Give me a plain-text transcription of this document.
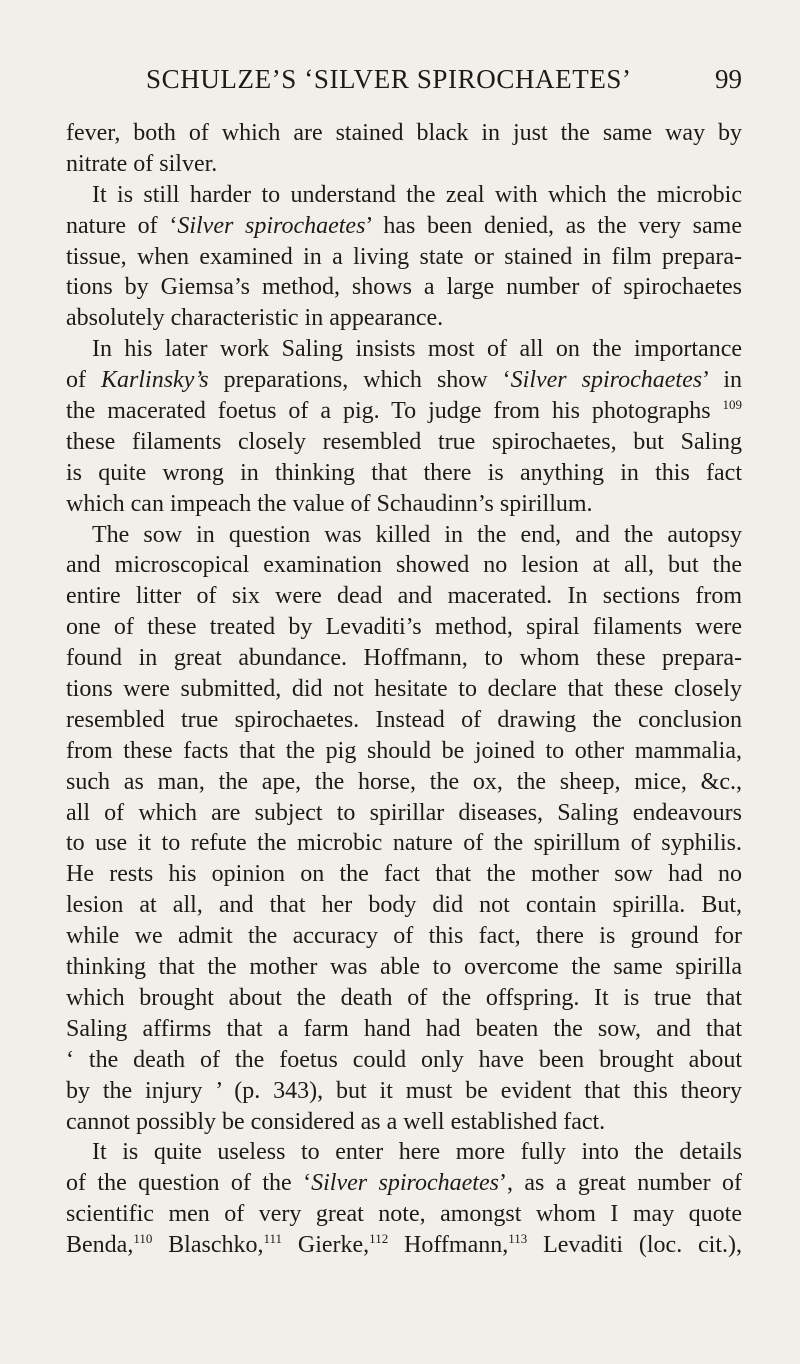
SCHULZE’S ‘SILVER SPIROCHAETES’	99
fever, both of which are stained black in just the same way by
nitrate of silver.
It is still harder to understand the zeal with which the microbic
nature of ‘Silver spirochaetes’ has been denied, as the very same
tissue, when examined in a living state or stained in film prepara-
tions by Giemsa’s method, shows a large number of spirochaetes
absolutely characteristic in appearance.
In his later work Saling insists most of all on the importance
of Karlinsky’s preparations, which show ‘Silver spirochaetes’ in
the macerated foetus of a pig. To judge from his photographs $^{109}$
these filaments closely resembled true spirochaetes, but Saling
is quite wrong in thinking that there is anything in this fact
which can impeach the value of Schaudinn’s spirillum.
The sow in question was killed in the end, and the autopsy
and microscopical examination showed no lesion at all, but the
entire litter of six were dead and macerated. In sections from
one of these treated by Levaditi’s method, spiral filaments were
found in great abundance. Hoffmann, to whom these prepara-
tions were submitted, did not hesitate to declare that these closely
resembled true spirochaetes. Instead of drawing the conclusion
from these facts that the pig should be joined to other mammalia,
such as man, the ape, the horse, the ox, the sheep, mice, &c.,
all of which are subject to spirillar diseases, Saling endeavours
to use it to refute the microbic nature of the spirillum of syphilis.
He rests his opinion on the fact that the mother sow had no
lesion at all, and that her body did not contain spirilla. But,
while we admit the accuracy of this fact, there is ground for
thinking that the mother was able to overcome the same spirilla
which brought about the death of the offspring. It is true that
Saling affirms that a farm hand had beaten the sow, and that
‘ the death of the foetus could only have been brought about
by the injury ’ (p. 343), but it must be evident that this theory
cannot possibly be considered as a well established fact.
It is quite useless to enter here more fully into the details
of the question of the ‘Silver spirochaetes’, as a great number of
scientific men of very great note, amongst whom I may quote
Benda,$^{110}$ Blaschko,$^{111}$ Gierke,$^{112}$ Hoffmann,$^{113}$ Levaditi (loc. cit.),
